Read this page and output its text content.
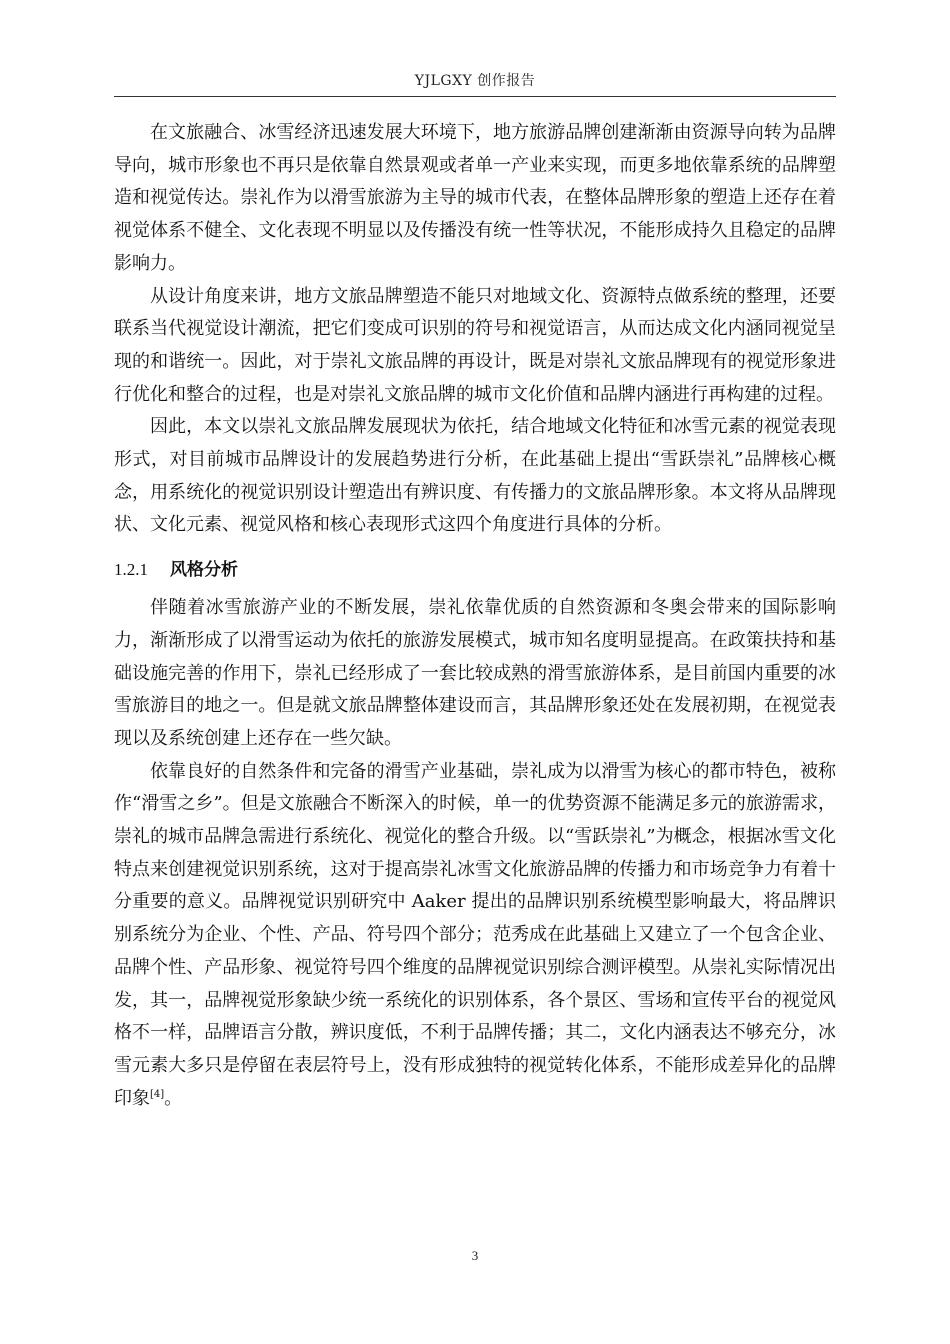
YJLGXY 创作报告

在文旅融合、冰雪经济迅速发展大环境下，地方旅游品牌创建渐渐由资源导向转为品牌导向，城市形象也不再只是依靠自然景观或者单一产业来实现，而更多地依靠系统的品牌塑造和视觉传达。崇礼作为以滑雪旅游为主导的城市代表，在整体品牌形象的塑造上还存在着视觉体系不健全、文化表现不明显以及传播没有统一性等状况，不能形成持久且稳定的品牌影响力。

从设计角度来讲，地方文旅品牌塑造不能只对地域文化、资源特点做系统的整理，还要联系当代视觉设计潮流，把它们变成可识别的符号和视觉语言，从而达成文化内涵同视觉呈现的和谐统一。因此，对于崇礼文旅品牌的再设计，既是对崇礼文旅品牌现有的视觉形象进行优化和整合的过程，也是对崇礼文旅品牌的城市文化价值和品牌内涵进行再构建的过程。

因此，本文以崇礼文旅品牌发展现状为依托，结合地域文化特征和冰雪元素的视觉表现形式，对目前城市品牌设计的发展趋势进行分析，在此基础上提出“雪跃崇礼”品牌核心概念，用系统化的视觉识别设计塑造出有辨识度、有传播力的文旅品牌形象。本文将从品牌现状、文化元素、视觉风格和核心表现形式这四个角度进行具体的分析。

1.2.1	风格分析

伴随着冰雪旅游产业的不断发展，崇礼依靠优质的自然资源和冬奥会带来的国际影响力，渐渐形成了以滑雪运动为依托的旅游发展模式，城市知名度明显提高。在政策扶持和基础设施完善的作用下，崇礼已经形成了一套比较成熟的滑雪旅游体系，是目前国内重要的冰雪旅游目的地之一。但是就文旅品牌整体建设而言，其品牌形象还处在发展初期，在视觉表现以及系统创建上还存在一些欠缺。

依靠良好的自然条件和完备的滑雪产业基础，崇礼成为以滑雪为核心的都市特色，被称作“滑雪之乡”。但是文旅融合不断深入的时候，单一的优势资源不能满足多元的旅游需求，崇礼的城市品牌急需进行系统化、视觉化的整合升级。以“雪跃崇礼”为概念，根据冰雪文化特点来创建视觉识别系统，这对于提高崇礼冰雪文化旅游品牌的传播力和市场竞争力有着十分重要的意义。品牌视觉识别研究中 Aaker 提出的品牌识别系统模型影响最大，将品牌识别系统分为企业、个性、产品、符号四个部分；范秀成在此基础上又建立了一个包含企业、品牌个性、产品形象、视觉符号四个维度的品牌视觉识别综合测评模型。从崇礼实际情况出发，其一，品牌视觉形象缺少统一系统化的识别体系，各个景区、雪场和宣传平台的视觉风格不一样，品牌语言分散，辨识度低，不利于品牌传播；其二，文化内涵表达不够充分，冰雪元素大多只是停留在表层符号上，没有形成独特的视觉转化体系，不能形成差异化的品牌印象[4]。

3
